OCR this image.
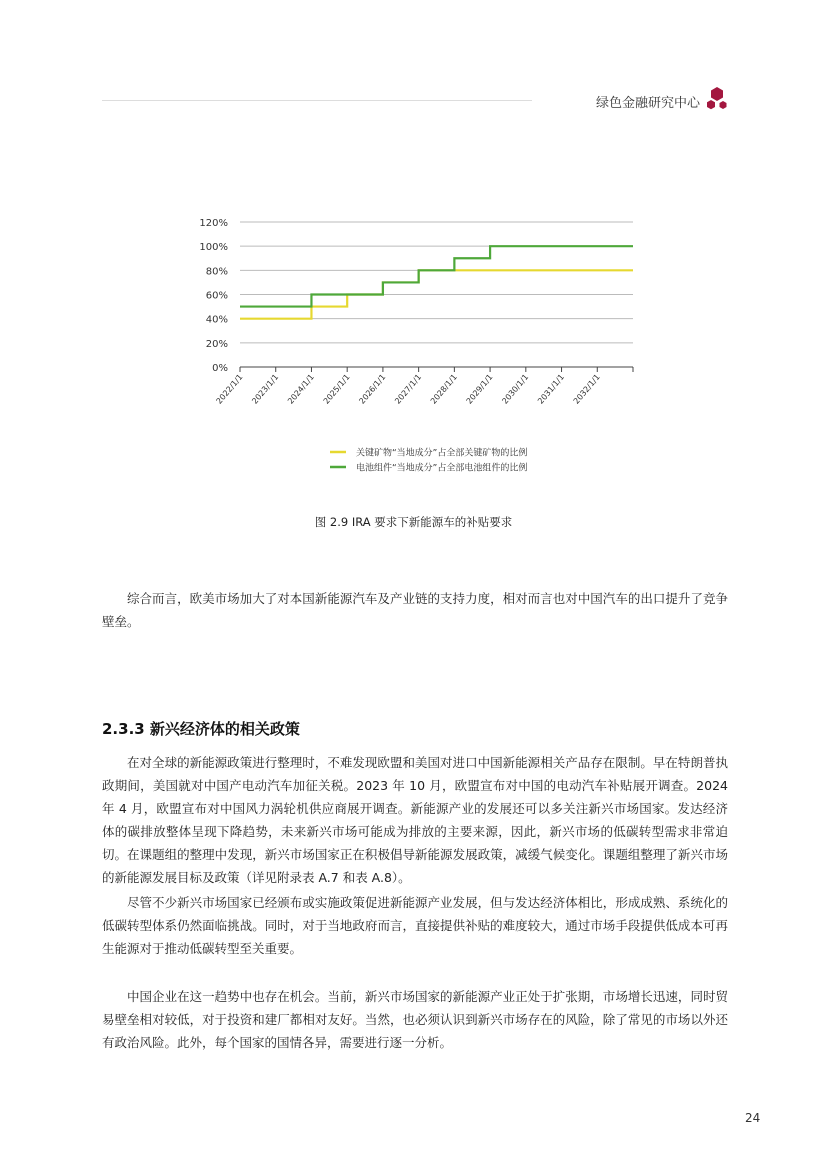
绿色金融研究中心
0%
20%
40%
60%
80%
100%
120%
2022/1/1 2023/1/1 2024/1/1 2025/1/1 2026/1/1 2027/1/1 2028/1/1 2029/1/1 2030/1/1 2031/1/1 2032/1/1
关键矿物“当地成分”占全部关键矿物的比例
电池组件“当地成分”占全部电池组件的比例
图 2.9 IRA 要求下新能源车的补贴要求
综合而言，欧美市场加大了对本国新能源汽车及产业链的支持力度，相对而言也对中国汽车的出口提升了竞争壁垒。
2.3.3 新兴经济体的相关政策
在对全球的新能源政策进行整理时，不难发现欧盟和美国对进口中国新能源相关产品存在限制。早在特朗普执政期间，美国就对中国产电动汽车加征关税。2023 年 10 月，欧盟宣布对中国的电动汽车补贴展开调查。2024 年 4 月，欧盟宣布对中国风力涡轮机供应商展开调查。新能源产业的发展还可以多关注新兴市场国家。发达经济体的碳排放整体呈现下降趋势，未来新兴市场可能成为排放的主要来源，因此，新兴市场的低碳转型需求非常迫切。在课题组的整理中发现，新兴市场国家正在积极倡导新能源发展政策，减缓气候变化。课题组整理了新兴市场的新能源发展目标及政策（详见附录表 A.7 和表 A.8）。
尽管不少新兴市场国家已经颁布或实施政策促进新能源产业发展，但与发达经济体相比，形成成熟、系统化的低碳转型体系仍然面临挑战。同时，对于当地政府而言，直接提供补贴的难度较大，通过市场手段提供低成本可再生能源对于推动低碳转型至关重要。
中国企业在这一趋势中也存在机会。当前，新兴市场国家的新能源产业正处于扩张期，市场增长迅速，同时贸易壁垒相对较低，对于投资和建厂都相对友好。当然，也必须认识到新兴市场存在的风险，除了常见的市场以外还有政治风险。此外，每个国家的国情各异，需要进行逐一分析。
24
